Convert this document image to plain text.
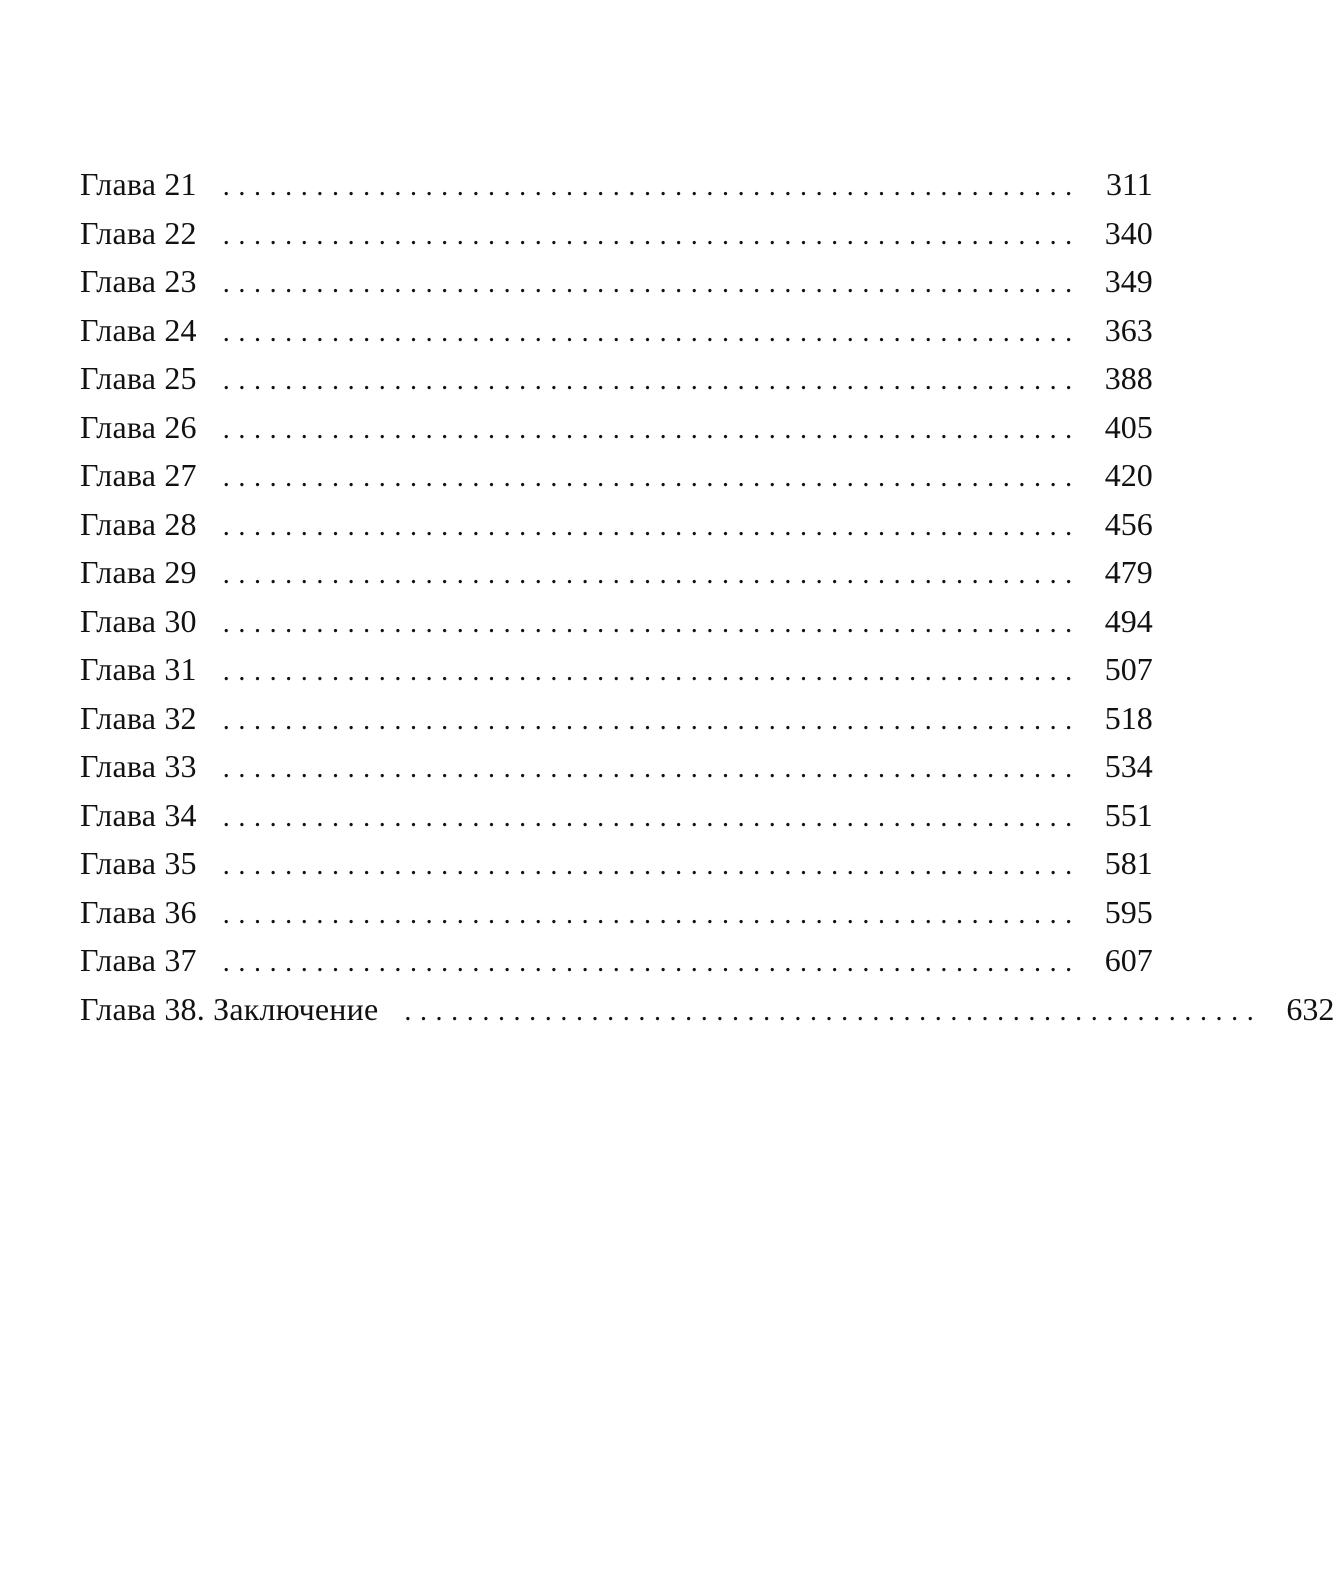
Глава 21 ....................................................... 311
Глава 22 ....................................................... 340
Глава 23 ....................................................... 349
Глава 24 ....................................................... 363
Глава 25 ....................................................... 388
Глава 26 ....................................................... 405
Глава 27 ....................................................... 420
Глава 28 ....................................................... 456
Глава 29 ....................................................... 479
Глава 30 ....................................................... 494
Глава 31 ....................................................... 507
Глава 32 ....................................................... 518
Глава 33 ....................................................... 534
Глава 34 ....................................................... 551
Глава 35 ....................................................... 581
Глава 36 ....................................................... 595
Глава 37 ....................................................... 607
Глава 38. Заключение ....................................................... 632
